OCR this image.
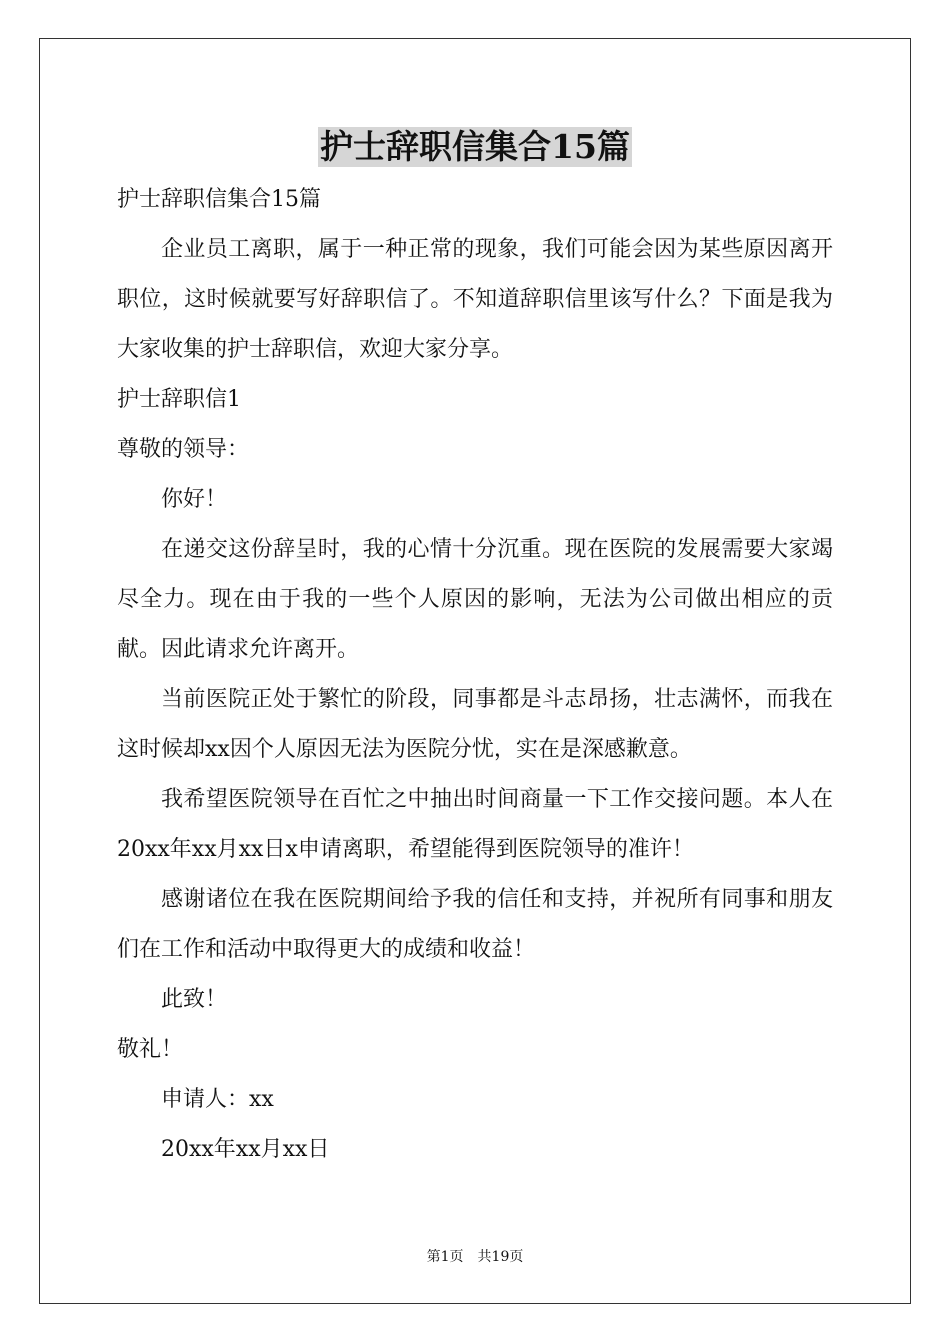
护士辞职信集合15篇

护士辞职信集合15篇

企业员工离职，属于一种正常的现象，我们可能会因为某些原因离开职位，这时候就要写好辞职信了。不知道辞职信里该写什么？下面是我为大家收集的护士辞职信，欢迎大家分享。

护士辞职信1

尊敬的领导：

你好！

在递交这份辞呈时，我的心情十分沉重。现在医院的发展需要大家竭尽全力。现在由于我的一些个人原因的影响，无法为公司做出相应的贡献。因此请求允许离开。

当前医院正处于繁忙的阶段，同事都是斗志昂扬，壮志满怀，而我在这时候却xx因个人原因无法为医院分忧，实在是深感歉意。

我希望医院领导在百忙之中抽出时间商量一下工作交接问题。本人在20xx年xx月xx日x申请离职，希望能得到医院领导的准许！

感谢诸位在我在医院期间给予我的信任和支持，并祝所有同事和朋友们在工作和活动中取得更大的成绩和收益！

此致！

敬礼！

申请人：xx

20xx年xx月xx日

第1页 共19页
